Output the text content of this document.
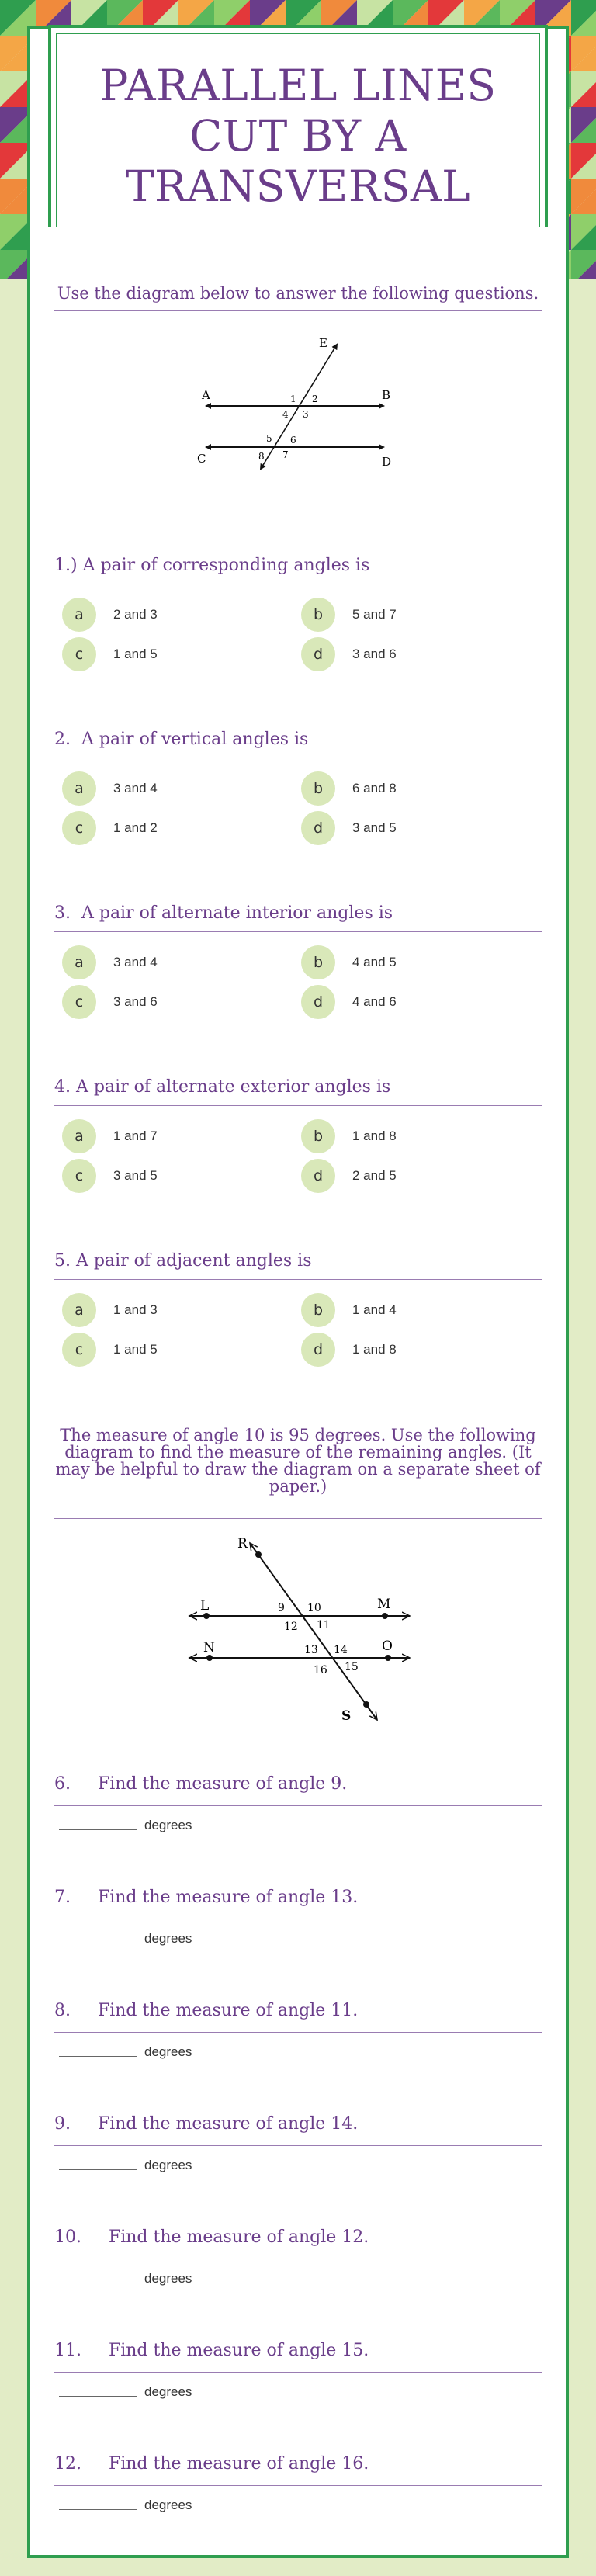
PARALLEL LINES CUT BY A TRANSVERSAL
Use the diagram below to answer the following questions.
E
A	B
C	D
1 2
3
4
5 6
7
8
1.) A pair of corresponding angles is
a	2 and 3	b	5 and 7
c	1 and 5	d	3 and 6
2.  A pair of vertical angles is
a	3 and 4	b	6 and 8
c	1 and 2	d	3 and 5
3.  A pair of alternate interior angles is
a	3 and 4	b	4 and 5
c	3 and 6	d	4 and 6
4. A pair of alternate exterior angles is
a	1 and 7	b	1 and 8
c	3 and 5	d	2 and 5
5. A pair of adjacent angles is
a	1 and 3	b	1 and 4
c	1 and 5	d	1 and 8
The measure of angle 10 is 95 degrees. Use the following diagram to find the measure of the remaining angles. (It may be helpful to draw the diagram on a separate sheet of paper.)
R
L	M
N	O
S
9 10
11
12
13 14
15
16
6.     Find the measure of angle 9.
degrees
7.     Find the measure of angle 13.
degrees
8.     Find the measure of angle 11.
degrees
9.     Find the measure of angle 14.
degrees
10.     Find the measure of angle 12.
degrees
11.     Find the measure of angle 15.
degrees
12.     Find the measure of angle 16.
degrees
